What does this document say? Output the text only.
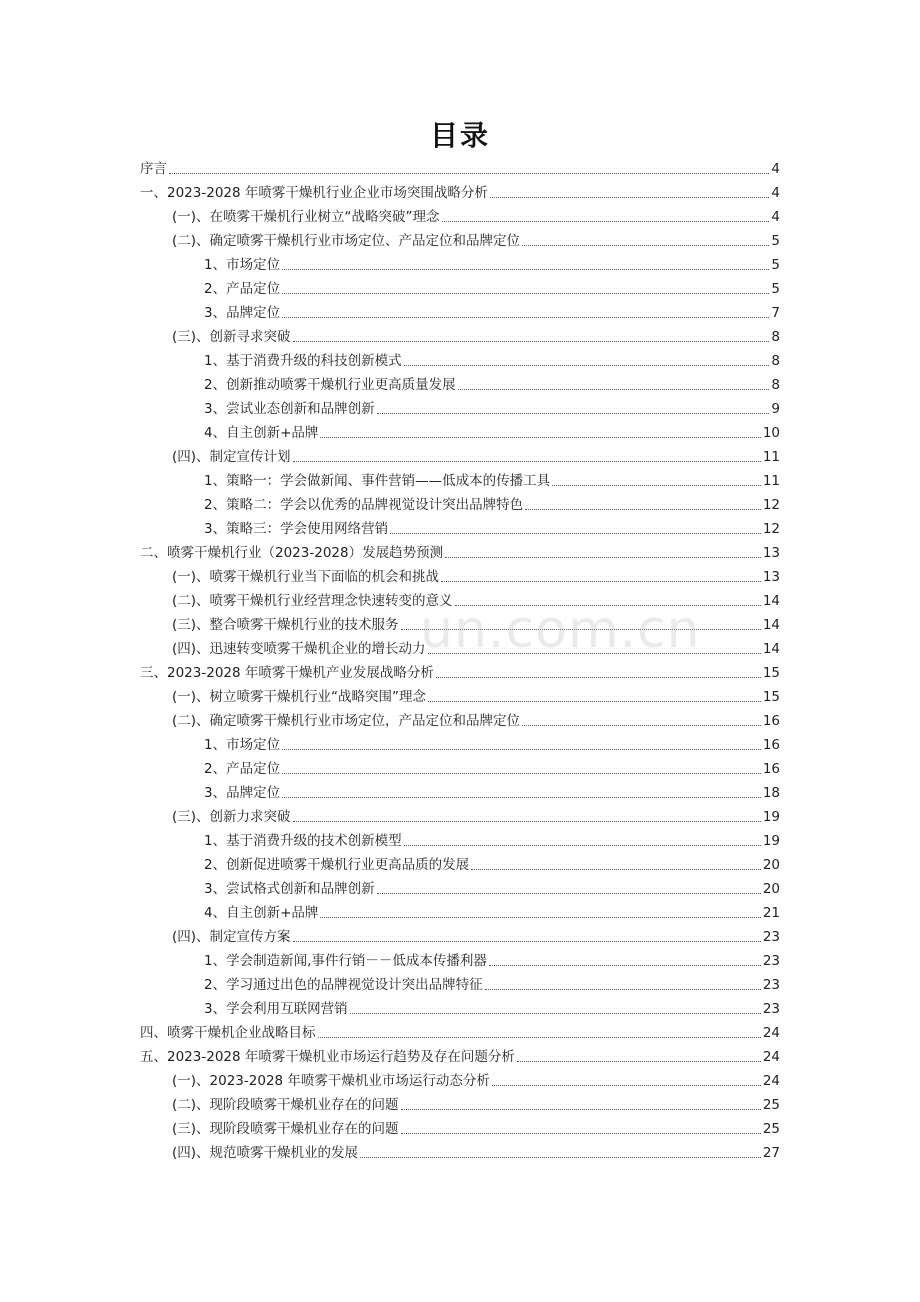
目录
序言	4
一、2023-2028 年喷雾干燥机行业企业市场突围战略分析	4
(一)、在喷雾干燥机行业树立“战略突破”理念	4
(二)、确定喷雾干燥机行业市场定位、产品定位和品牌定位	5
1、市场定位	5
2、产品定位	5
3、品牌定位	7
(三)、创新寻求突破	8
1、基于消费升级的科技创新模式	8
2、创新推动喷雾干燥机行业更高质量发展	8
3、尝试业态创新和品牌创新	9
4、自主创新+品牌	10
(四)、制定宣传计划	11
1、策略一：学会做新闻、事件营销——低成本的传播工具	11
2、策略二：学会以优秀的品牌视觉设计突出品牌特色	12
3、策略三：学会使用网络营销	12
二、喷雾干燥机行业（2023-2028）发展趋势预测	13
(一)、喷雾干燥机行业当下面临的机会和挑战	13
(二)、喷雾干燥机行业经营理念快速转变的意义	14
(三)、整合喷雾干燥机行业的技术服务	14
(四)、迅速转变喷雾干燥机企业的增长动力	14
三、2023-2028 年喷雾干燥机产业发展战略分析	15
(一)、树立喷雾干燥机行业“战略突围”理念	15
(二)、确定喷雾干燥机行业市场定位，产品定位和品牌定位	16
1、市场定位	16
2、产品定位	16
3、品牌定位	18
(三)、创新力求突破	19
1、基于消费升级的技术创新模型	19
2、创新促进喷雾干燥机行业更高品质的发展	20
3、尝试格式创新和品牌创新	20
4、自主创新+品牌	21
(四)、制定宣传方案	23
1、学会制造新闻,事件行销－－低成本传播利器	23
2、学习通过出色的品牌视觉设计突出品牌特征	23
3、学会利用互联网营销	23
四、喷雾干燥机企业战略目标	24
五、2023-2028 年喷雾干燥机业市场运行趋势及存在问题分析	24
(一)、2023-2028 年喷雾干燥机业市场运行动态分析	24
(二)、现阶段喷雾干燥机业存在的问题	25
(三)、现阶段喷雾干燥机业存在的问题	25
(四)、规范喷雾干燥机业的发展	27
un.com.cn
